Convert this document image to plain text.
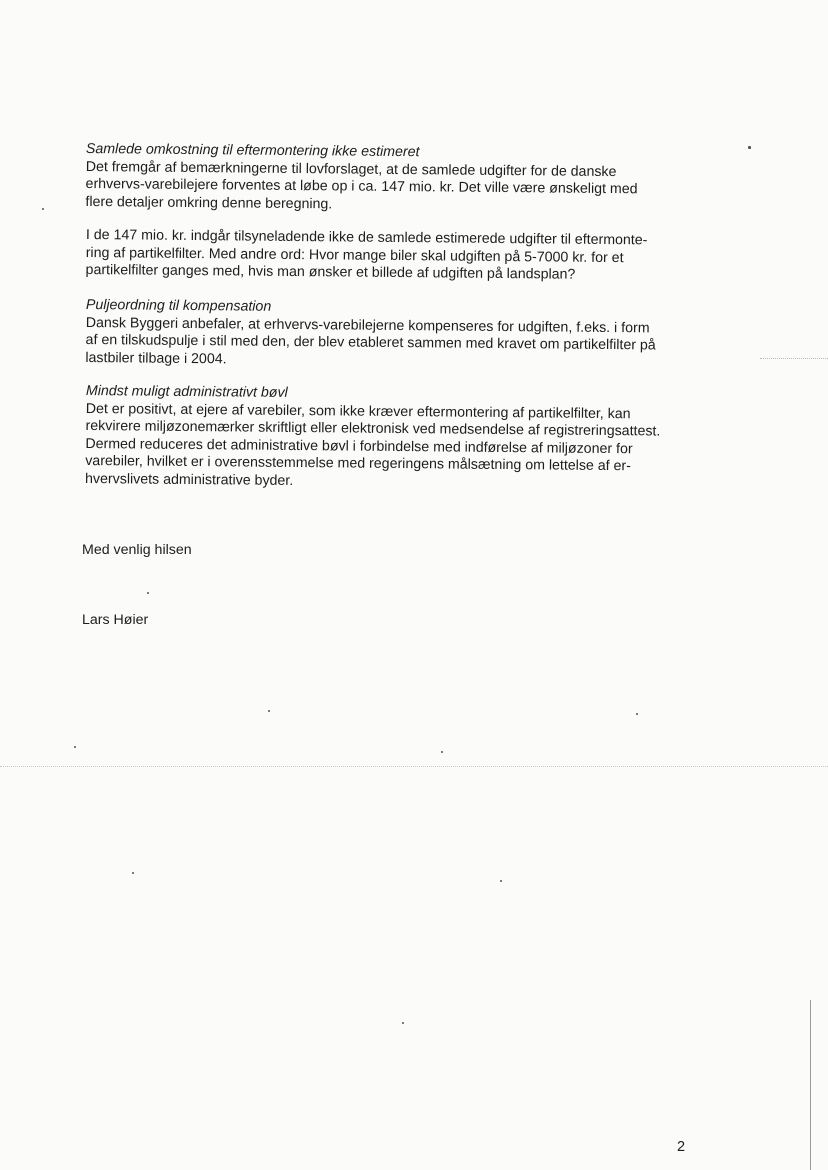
Samlede omkostning til eftermontering ikke estimeret

Det fremgår af bemærkningerne til lovforslaget, at de samlede udgifter for de danske
erhvervs-varebilejere forventes at løbe op i ca. 147 mio. kr. Det ville være ønskeligt med
flere detaljer omkring denne beregning.
I de 147 mio. kr. indgår tilsyneladende ikke de samlede estimerede udgifter til eftermonte-
ring af partikelfilter. Med andre ord: Hvor mange biler skal udgiften på 5-7000 kr. for et
partikelfilter ganges med, hvis man ønsker et billede af udgiften på landsplan?

Puljeordning til kompensation

Dansk Byggeri anbefaler, at erhvervs-varebilejerne kompenseres for udgiften, f.eks. i form
af en tilskudspulje i stil med den, der blev etableret sammen med kravet om partikelfilter på
lastbiler tilbage i 2004.

Mindst muligt administrativt bøvl

Det er positivt, at ejere af varebiler, som ikke kræver eftermontering af partikelfilter, kan
rekvirere miljøzonemærker skriftligt eller elektronisk ved medsendelse af registreringsattest.
Dermed reduceres det administrative bøvl i forbindelse med indførelse af miljøzoner for
varebiler, hvilket er i overensstemmelse med regeringens målsætning om lettelse af er-
hvervslivets administrative byder.
Med venlig hilsen
Lars Høier
2
